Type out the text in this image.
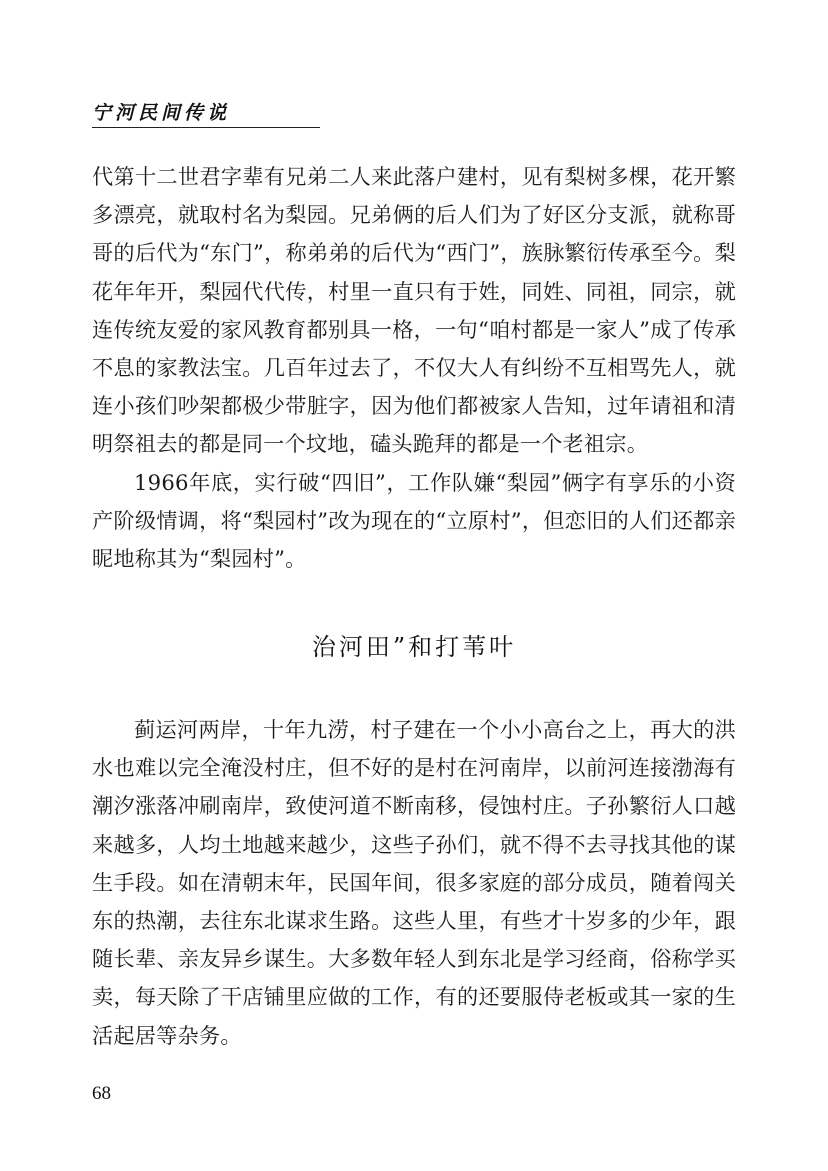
宁河民间传说

代第十二世君字辈有兄弟二人来此落户建村，见有梨树多棵，花开繁多漂亮，就取村名为梨园。兄弟俩的后人们为了好区分支派，就称哥哥的后代为“东门”，称弟弟的后代为“西门”，族脉繁衍传承至今。梨花年年开，梨园代代传，村里一直只有于姓，同姓、同祖，同宗，就连传统友爱的家风教育都别具一格，一句“咱村都是一家人”成了传承不息的家教法宝。几百年过去了，不仅大人有纠纷不互相骂先人，就连小孩们吵架都极少带脏字，因为他们都被家人告知，过年请祖和清明祭祖去的都是同一个坟地，磕头跪拜的都是一个老祖宗。

1966年底，实行破“四旧”，工作队嫌“梨园”俩字有享乐的小资产阶级情调，将“梨园村”改为现在的“立原村”，但恋旧的人们还都亲昵地称其为“梨园村”。

治河田”和打苇叶

蓟运河两岸，十年九涝，村子建在一个小小高台之上，再大的洪水也难以完全淹没村庄，但不好的是村在河南岸，以前河连接渤海有潮汐涨落冲刷南岸，致使河道不断南移，侵蚀村庄。子孙繁衍人口越来越多，人均土地越来越少，这些子孙们，就不得不去寻找其他的谋生手段。如在清朝末年，民国年间，很多家庭的部分成员，随着闯关东的热潮，去往东北谋求生路。这些人里，有些才十岁多的少年，跟随长辈、亲友异乡谋生。大多数年轻人到东北是学习经商，俗称学买卖，每天除了干店铺里应做的工作，有的还要服侍老板或其一家的生活起居等杂务。

68
